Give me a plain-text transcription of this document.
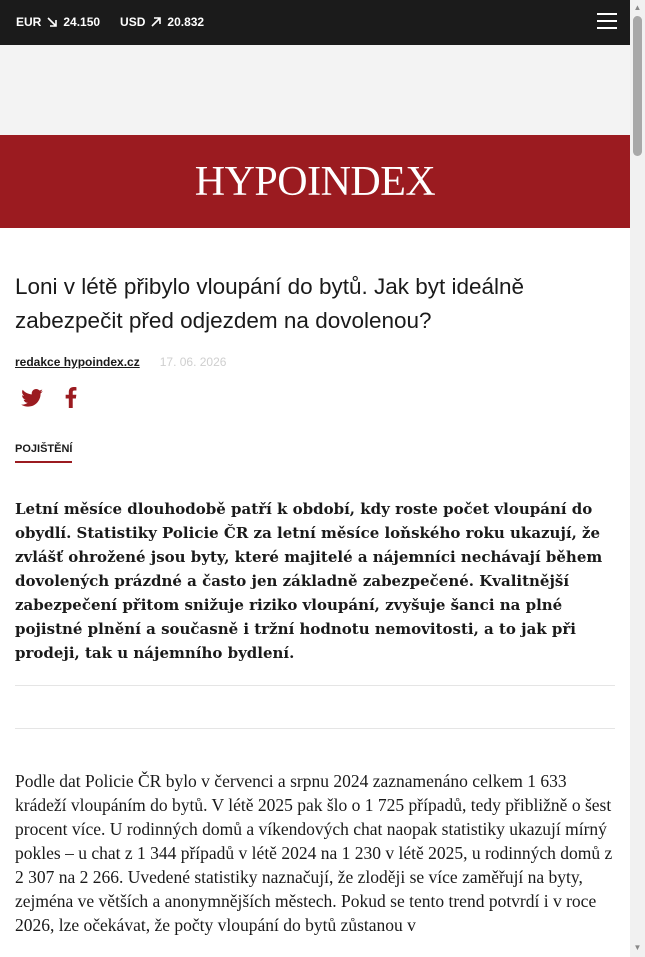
EUR 24.150 USD 20.832
HYPOINDEX
Loni v létě přibylo vloupání do bytů. Jak byt ideálně zabezpečit před odjezdem na dovolenou?
redakce hypoindex.cz 17. 06. 2026
POJIŠTĚNÍ
Letní měsíce dlouhodobě patří k období, kdy roste počet vloupání do obydlí. Statistiky Policie ČR za letní měsíce loňského roku ukazují, že zvlášť ohrožené jsou byty, které majitelé a nájemníci nechávají během dovolených prázdné a často jen základně zabezpečené. Kvalitnější zabezpečení přitom snižuje riziko vloupání, zvyšuje šanci na plné pojistné plnění a současně i tržní hodnotu nemovitosti, a to jak při prodeji, tak u nájemního bydlení.
Podle dat Policie ČR bylo v červenci a srpnu 2024 zaznamenáno celkem 1 633 krádeží vloupáním do bytů. V létě 2025 pak šlo o 1 725 případů, tedy přibližně o šest procent více. U rodinných domů a víkendových chat naopak statistiky ukazují mírný pokles – u chat z 1 344 případů v létě 2024 na 1 230 v létě 2025, u rodinných domů z 2 307 na 2 266. Uvedené statistiky naznačují, že zloději se více zaměřují na byty, zejména ve větších a anonymnějších městech. Pokud se tento trend potvrdí i v roce 2026, lze očekávat, že počty vloupání do bytů zůstanou v
▲
▼
